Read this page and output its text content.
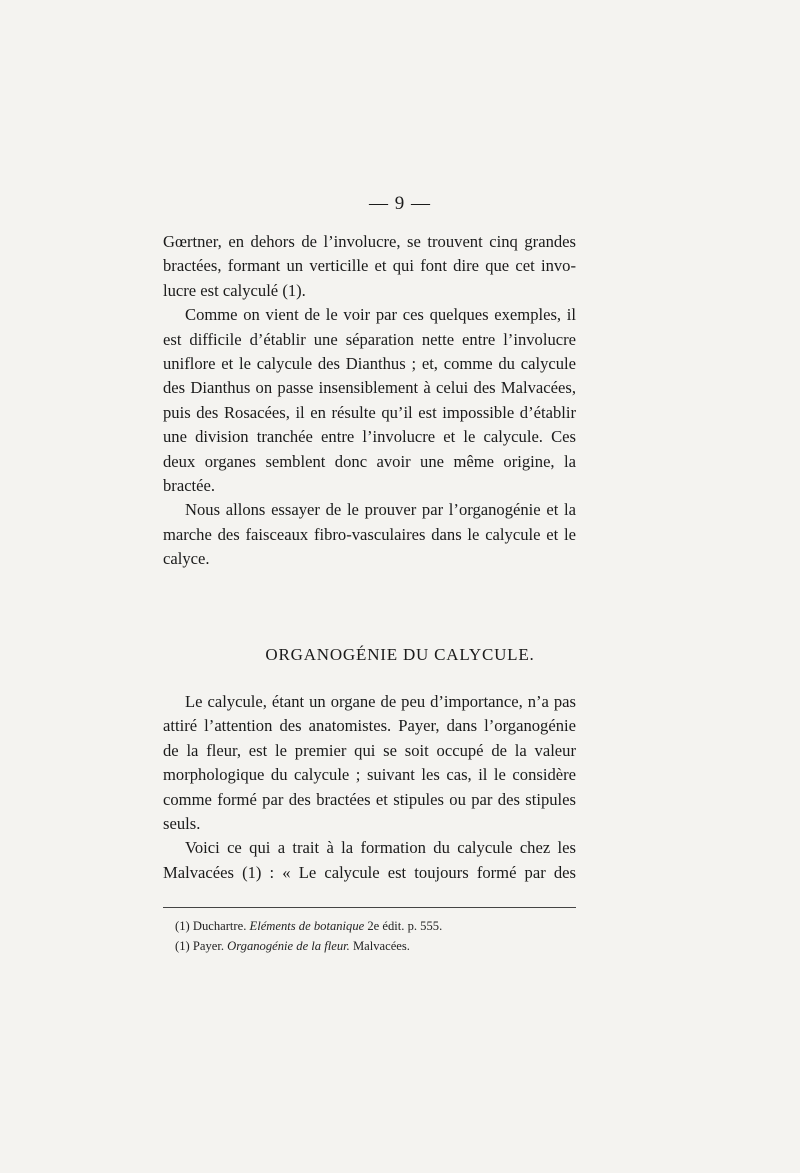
— 9 —

Gœrtner, en dehors de l’involucre, se trouvent cinq grandes
bractées, formant un verticille et qui font dire que cet invo-
lucre est calyculé (1).

Comme on vient de le voir par ces quelques exemples, il
est difficile d’établir une séparation nette entre l’involucre
uniflore et le calycule des Dianthus ; et, comme du calycule
des Dianthus on passe insensiblement à celui des Malvacées,
puis des Rosacées, il en résulte qu’il est impossible d’établir
une division tranchée entre l’involucre et le calycule. Ces
deux organes semblent donc avoir une même origine, la
bractée.

Nous allons essayer de le prouver par l’organogénie et la
marche des faisceaux fibro-vasculaires dans le calycule et le
calyce.

ORGANOGÉNIE DU CALYCULE.

Le calycule, étant un organe de peu d’importance, n’a pas
attiré l’attention des anatomistes. Payer, dans l’organogénie
de la fleur, est le premier qui se soit occupé de la valeur
morphologique du calycule ; suivant les cas, il le considère
comme formé par des bractées et stipules ou par des stipules
seuls.

Voici ce qui a trait à la formation du calycule chez les
Malvacées (1) : « Le calycule est toujours formé par des

(1) Duchartre. Eléments de botanique 2e édit. p. 555.
(1) Payer. Organogénie de la fleur. Malvacées.
